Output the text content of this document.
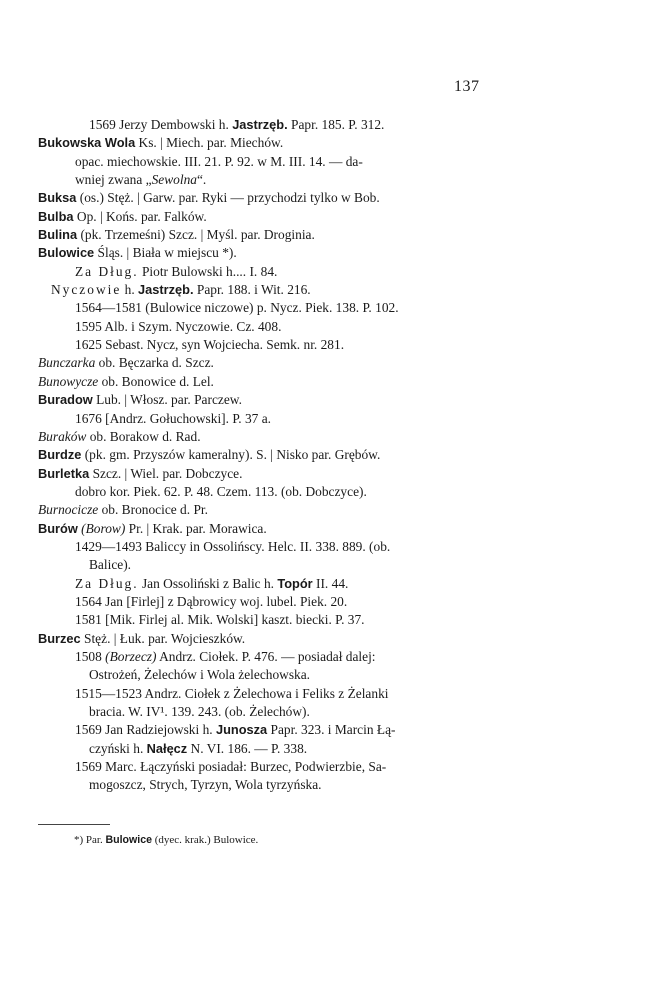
137
1569 Jerzy Dembowski h. Jastrzęb. Papr. 185. P. 312.
Bukowska Wola Ks. | Miech. par. Miechów.
opac. miechowskie. III. 21. P. 92. w M. III. 14. — da-
wniej zwana „Sewolna“.
Buksa (os.) Stęż. | Garw. par. Ryki — przychodzi tylko w Bob.
Bulba Op. | Końs. par. Falków.
Bulina (pk. Trzemeśni) Szcz. | Myśl. par. Droginia.
Bulowice Śląs. | Biała w miejscu *).
Za Dług. Piotr Bulowski h.... I. 84.
Nyczowie h. Jastrzęb. Papr. 188. i Wit. 216.
1564—1581 (Bulowice niczowe) p. Nycz. Piek. 138. P. 102.
1595 Alb. i Szym. Nyczowie. Cz. 408.
1625 Sebast. Nycz, syn Wojciecha. Semk. nr. 281.
Bunczarka ob. Bęczarka d. Szcz.
Bunowycze ob. Bonowice d. Lel.
Buradow Lub. | Włosz. par. Parczew.
1676 [Andrz. Gołuchowski]. P. 37 a.
Buraków ob. Borakow d. Rad.
Burdze (pk. gm. Przyszów kameralny). S. | Nisko par. Grębów.
Burletka Szcz. | Wiel. par. Dobczyce.
dobro kor. Piek. 62. P. 48. Czem. 113. (ob. Dobczyce).
Burnocicze ob. Bronocice d. Pr.
Burów (Borow) Pr. | Krak. par. Morawica.
1429—1493 Baliccy in Ossolińscy. Helc. II. 338. 889. (ob.
Balice).
Za Dług. Jan Ossoliński z Balic h. Topór II. 44.
1564 Jan [Firlej] z Dąbrowicy woj. lubel. Piek. 20.
1581 [Mik. Firlej al. Mik. Wolski] kaszt. biecki. P. 37.
Burzec Stęż. | Łuk. par. Wojcieszków.
1508 (Borzecz) Andrz. Ciołek. P. 476. — posiadał dalej:
Ostrożeń, Żelechów i Wola żelechowska.
1515—1523 Andrz. Ciołek z Żelechowa i Feliks z Żelanki
bracia. W. IV¹. 139. 243. (ob. Żelechów).
1569 Jan Radziejowski h. Junosza Papr. 323. i Marcin Łą-
czyński h. Nałęcz N. VI. 186. — P. 338.
1569 Marc. Łączyński posiadał: Burzec, Podwierzbie, Sa-
mogoszcz, Strych, Tyrzyn, Wola tyrzyńska.
*) Par. Bulowice (dyec. krak.) Bulowice.
